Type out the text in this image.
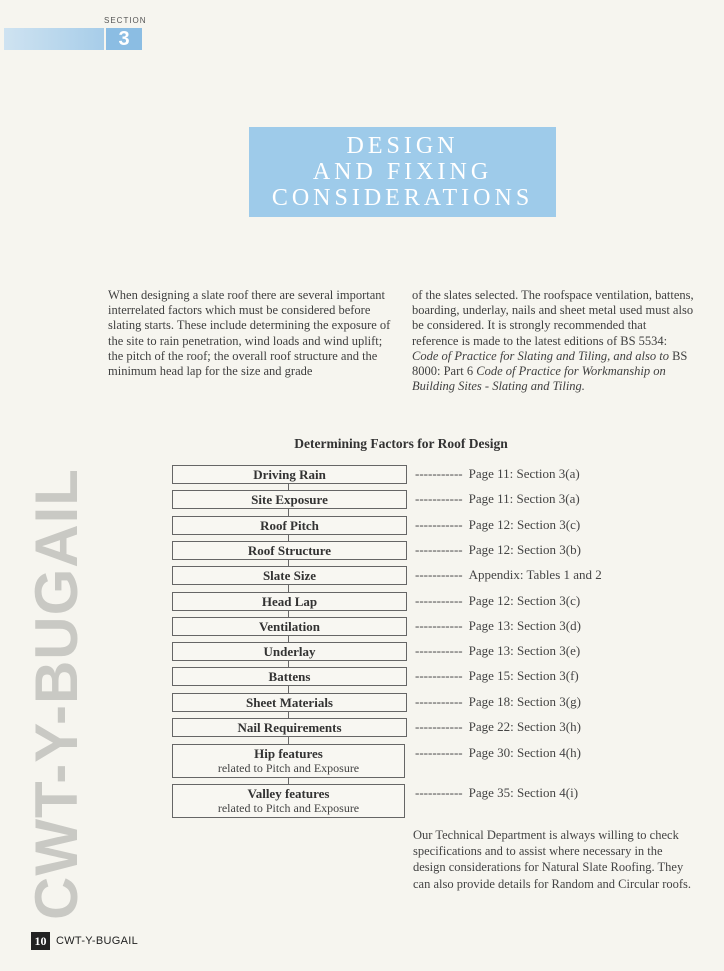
SECTION
3
DESIGN
AND FIXING
CONSIDERATIONS
When designing a slate roof there are several important interrelated factors which must be considered before slating starts. These include determining the exposure of the site to rain penetration, wind loads and wind uplift; the pitch of the roof; the overall roof structure and the minimum head lap for the size and grade
of the slates selected. The roofspace ventilation, battens, boarding, underlay, nails and sheet metal used must also be considered. It is strongly recommended that reference is made to the latest editions of BS 5534: Code of Practice for Slating and Tiling, and also to BS 8000: Part 6 Code of Practice for Workmanship on Building Sites - Slating and Tiling.
Determining Factors for Roof Design
Driving Rain	----------- Page 11: Section 3(a)
Site Exposure	----------- Page 11: Section 3(a)
Roof Pitch	----------- Page 12: Section 3(c)
Roof Structure	----------- Page 12: Section 3(b)
Slate Size	----------- Appendix: Tables 1 and 2
Head Lap	----------- Page 12: Section 3(c)
Ventilation	----------- Page 13: Section 3(d)
Underlay	----------- Page 13: Section 3(e)
Battens	----------- Page 15: Section 3(f)
Sheet Materials	----------- Page 18: Section 3(g)
Nail Requirements	----------- Page 22: Section 3(h)
Hip features
related to Pitch and Exposure
----------- Page 30: Section 4(h)
Valley features
related to Pitch and Exposure
----------- Page 35: Section 4(i)
Our Technical Department is always willing to check specifications and to assist where necessary in the design considerations for Natural Slate Roofing. They can also provide details for Random and Circular roofs.
CWT-Y-BUGAIL
10 CWT-Y-BUGAIL
